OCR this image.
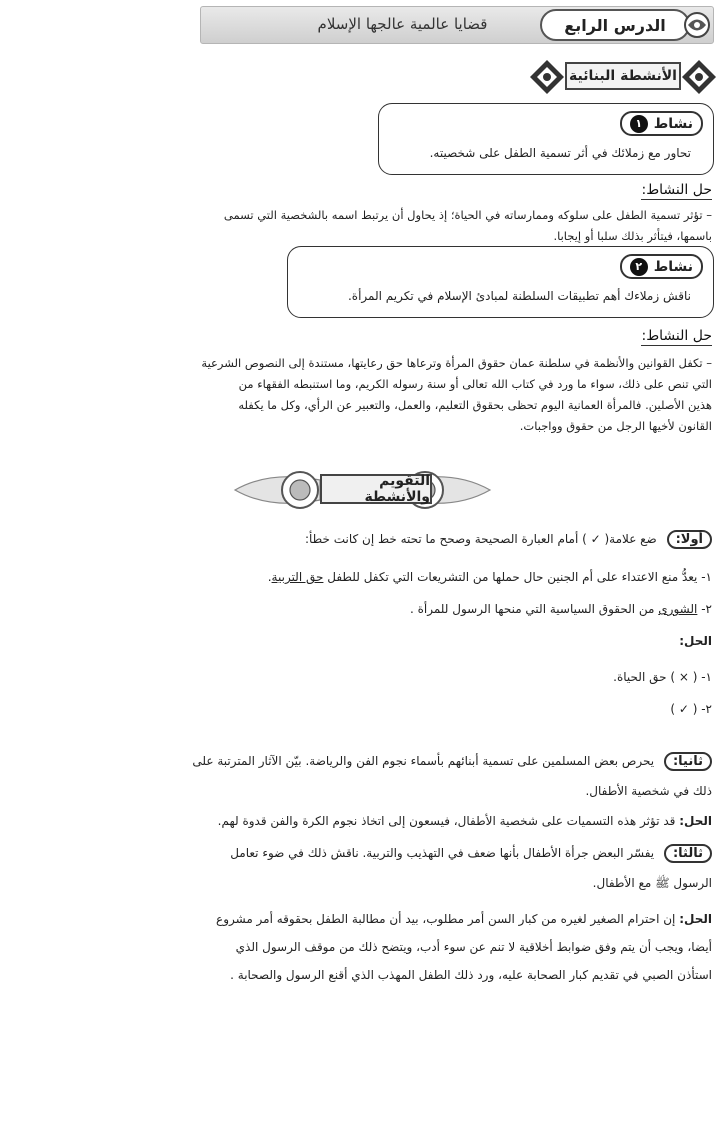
الدرس الرابع
قضايا عالمية عالجها الإسلام
الأنشطة البنائية
نشاط
١
تحاور مع زملائك في أثر تسمية الطفل على شخصيته.
حل النشاط:
– تؤثر تسمية الطفل على سلوكه وممارساته في الحياة؛ إذ يحاول أن يرتبط اسمه بالشخصية التي تسمى
باسمها، فيتأثر بذلك سلبا أو إيجابا.
نشاط
٢
ناقش زملاءك أهم تطبيقات السلطنة لمبادئ الإسلام في تكريم المرأة.
حل النشاط:
– تكفل القوانين والأنظمة في سلطنة عمان حقوق المرأة وترعاها حق رعايتها، مستندة إلى النصوص الشرعية
التي تنص على ذلك، سواء ما ورد في كتاب الله تعالى أو سنة رسوله الكريم، وما استنبطه الفقهاء من
هذين الأصلين. فالمرأة العمانية اليوم تحظى بحقوق التعليم، والعمل، والتعبير عن الرأي، وكل ما يكفله
القانون لأخيها الرجل من حقوق وواجبات.
التقويم والأنشطة
أولا: ضع علامة( ✓ ) أمام العبارة الصحيحة وصحح ما تحته خط إن كانت خطأ:
١- يعدُّ منع الاعتداء على أم الجنين حال حملها من التشريعات التي تكفل للطفل حق التربية.
٢- الشورى من الحقوق السياسية التي منحها الرسول للمرأة .
الحل:
١- ( × ) حق الحياة.
٢- ( ✓ )
ثانيا: يحرص بعض المسلمين على تسمية أبنائهم بأسماء نجوم الفن والرياضة. بيّن الآثار المترتبة على
ذلك في شخصية الأطفال.
الحل: قد تؤثر هذه التسميات على شخصية الأطفال، فيسعون إلى اتخاذ نجوم الكرة والفن قدوة لهم.
ثالثا: يفسّر البعض جرأة الأطفال بأنها ضعف في التهذيب والتربية. ناقش ذلك في ضوء تعامل
الرسول ﷺ مع الأطفال.
الحل: إن احترام الصغير لغيره من كبار السن أمر مطلوب، بيد أن مطالبة الطفل بحقوقه أمر مشروع
أيضا، ويجب أن يتم وفق ضوابط أخلاقية لا تنم عن سوء أدب، ويتضح ذلك من موقف الرسول الذي
استأذن الصبي في تقديم كبار الصحابة عليه، ورد ذلك الطفل المهذب الذي أقنع الرسول والصحابة .
